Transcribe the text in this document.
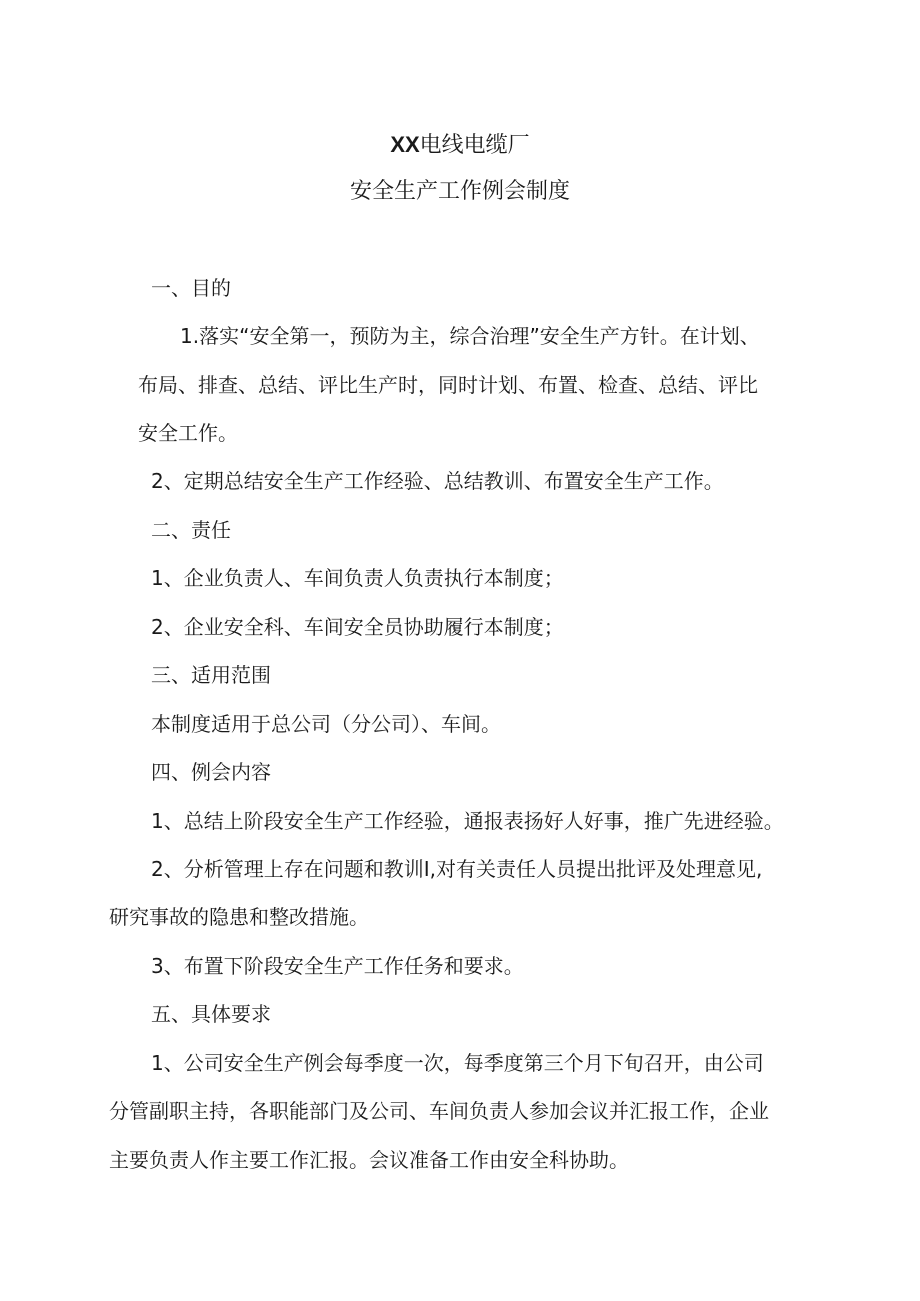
XX电线电缆厂
安全生产工作例会制度
一、目的
1.落实“安全第一，预防为主，综合治理”安全生产方针。在计划、
布局、排查、总结、评比生产时，同时计划、布置、检查、总结、评比
安全工作。
2、定期总结安全生产工作经验、总结教训、布置安全生产工作。
二、责任
1、企业负责人、车间负责人负责执行本制度；
2、企业安全科、车间安全员协助履行本制度；
三、适用范围
本制度适用于总公司（分公司）、车间。
四、例会内容
1、总结上阶段安全生产工作经验，通报表扬好人好事，推广先进经验。
2、分析管理上存在问题和教训I,对有关责任人员提出批评及处理意见,
研究事故的隐患和整改措施。
3、布置下阶段安全生产工作任务和要求。
五、具体要求
1、公司安全生产例会每季度一次，每季度第三个月下旬召开，由公司
分管副职主持，各职能部门及公司、车间负责人参加会议并汇报工作，企业
主要负责人作主要工作汇报。会议准备工作由安全科协助。
